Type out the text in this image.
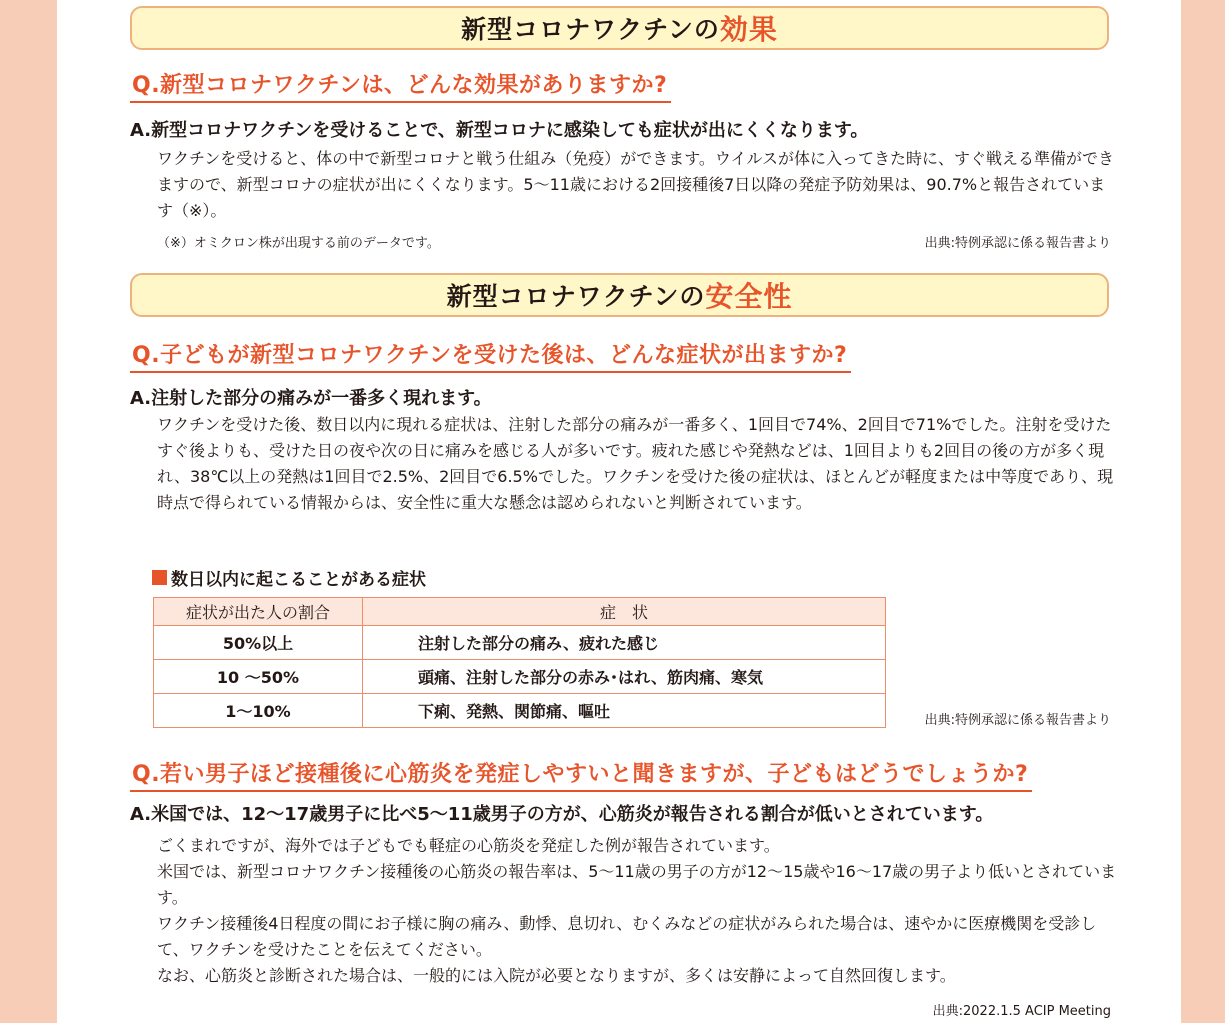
新型コロナワクチンの 効果
Q.新型コロナワクチンは、どんな効果がありますか?
A.新型コロナワクチンを受けることで、新型コロナに感染しても症状が出にくくなります。

ワクチンを受けると、体の中で新型コロナと戦う仕組み（免疫）ができます。ウイルスが体に入ってきた時に、すぐ戦える準備ができますので、新型コロナの症状が出にくくなります。5～11歳における2回接種後7日以降の発症予防効果は、90.7%と報告されています（※）。

（※）オミクロン株が出現する前のデータです。	出典:特例承認に係る報告書より
新型コロナワクチンの 安全性
Q.子どもが新型コロナワクチンを受けた後は、どんな症状が出ますか?
A.注射した部分の痛みが一番多く現れます。

ワクチンを受けた後、数日以内に現れる症状は、注射した部分の痛みが一番多く、1回目で74%、2回目で71%でした。注射を受けたすぐ後よりも、受けた日の夜や次の日に痛みを感じる人が多いです。疲れた感じや発熱などは、1回目よりも2回目の後の方が多く現れ、38℃以上の発熱は1回目で2.5%、2回目で6.5%でした。ワクチンを受けた後の症状は、ほとんどが軽度または中等度であり、現時点で得られている情報からは、安全性に重大な懸念は認められないと判断されています。

数日以内に起こることがある症状
症状が出た人の割合	症　状
50%以上	注射した部分の痛み、疲れた感じ
10 ～50%	頭痛、注射した部分の赤み･はれ、筋肉痛、寒気
1～10%	下痢、発熱、関節痛、嘔吐	出典:特例承認に係る報告書より
Q.若い男子ほど接種後に心筋炎を発症しやすいと聞きますが、子どもはどうでしょうか?
A.米国では、12～17歳男子に比べ5～11歳男子の方が、心筋炎が報告される割合が低いとされています。
ごくまれですが、海外では子どもでも軽症の心筋炎を発症した例が報告されています。
米国では、新型コロナワクチン接種後の心筋炎の報告率は、5～11歳の男子の方が12～15歳や16～17歳の男子より低いとされています。
ワクチン接種後4日程度の間にお子様に胸の痛み、動悸、息切れ、むくみなどの症状がみられた場合は、速やかに医療機関を受診して、ワクチンを受けたことを伝えてください。
なお、心筋炎と診断された場合は、一般的には入院が必要となりますが、多くは安静によって自然回復します。
出典:2022.1.5 ACIP Meeting
